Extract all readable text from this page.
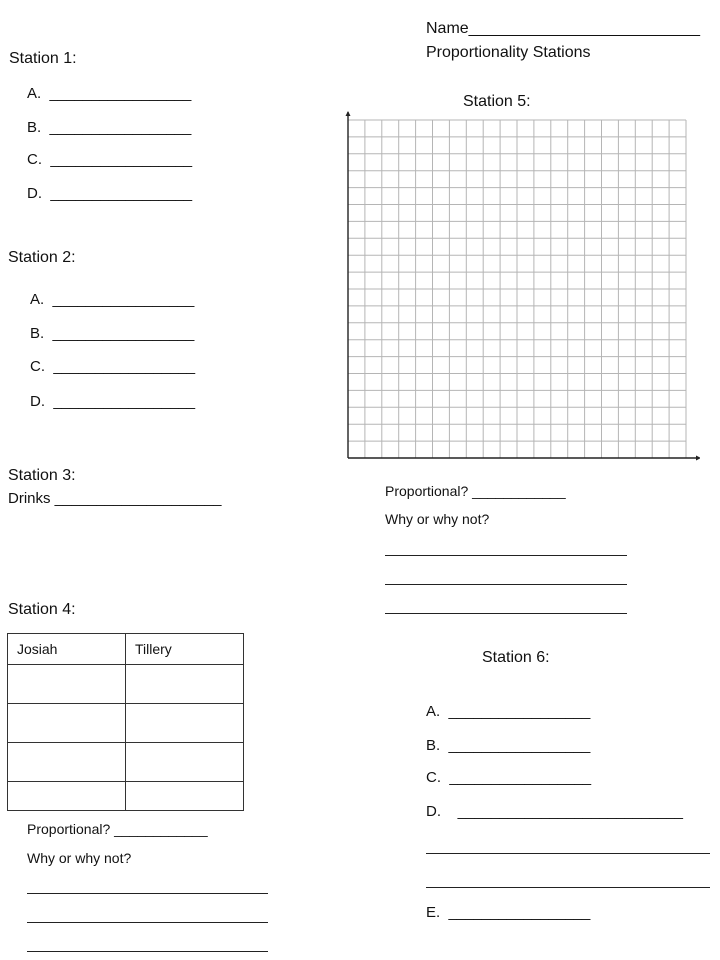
Name__________________________
Proportionality Stations
Station 1:
A.  _________________
B.  _________________
C.  _________________
D.  _________________
Station 2:
A.  _________________
B.  _________________
C.  _________________
D.  _________________
Station 3:
Drinks ____________________
Station 4:
Josiah	Tillery

Proportional? ____________
Why or why not?
Station 5:
Proportional? ____________
Why or why not?
Station 6:
A.  _________________
B.  _________________
C.  _________________
D.    ___________________________
E.  _________________
